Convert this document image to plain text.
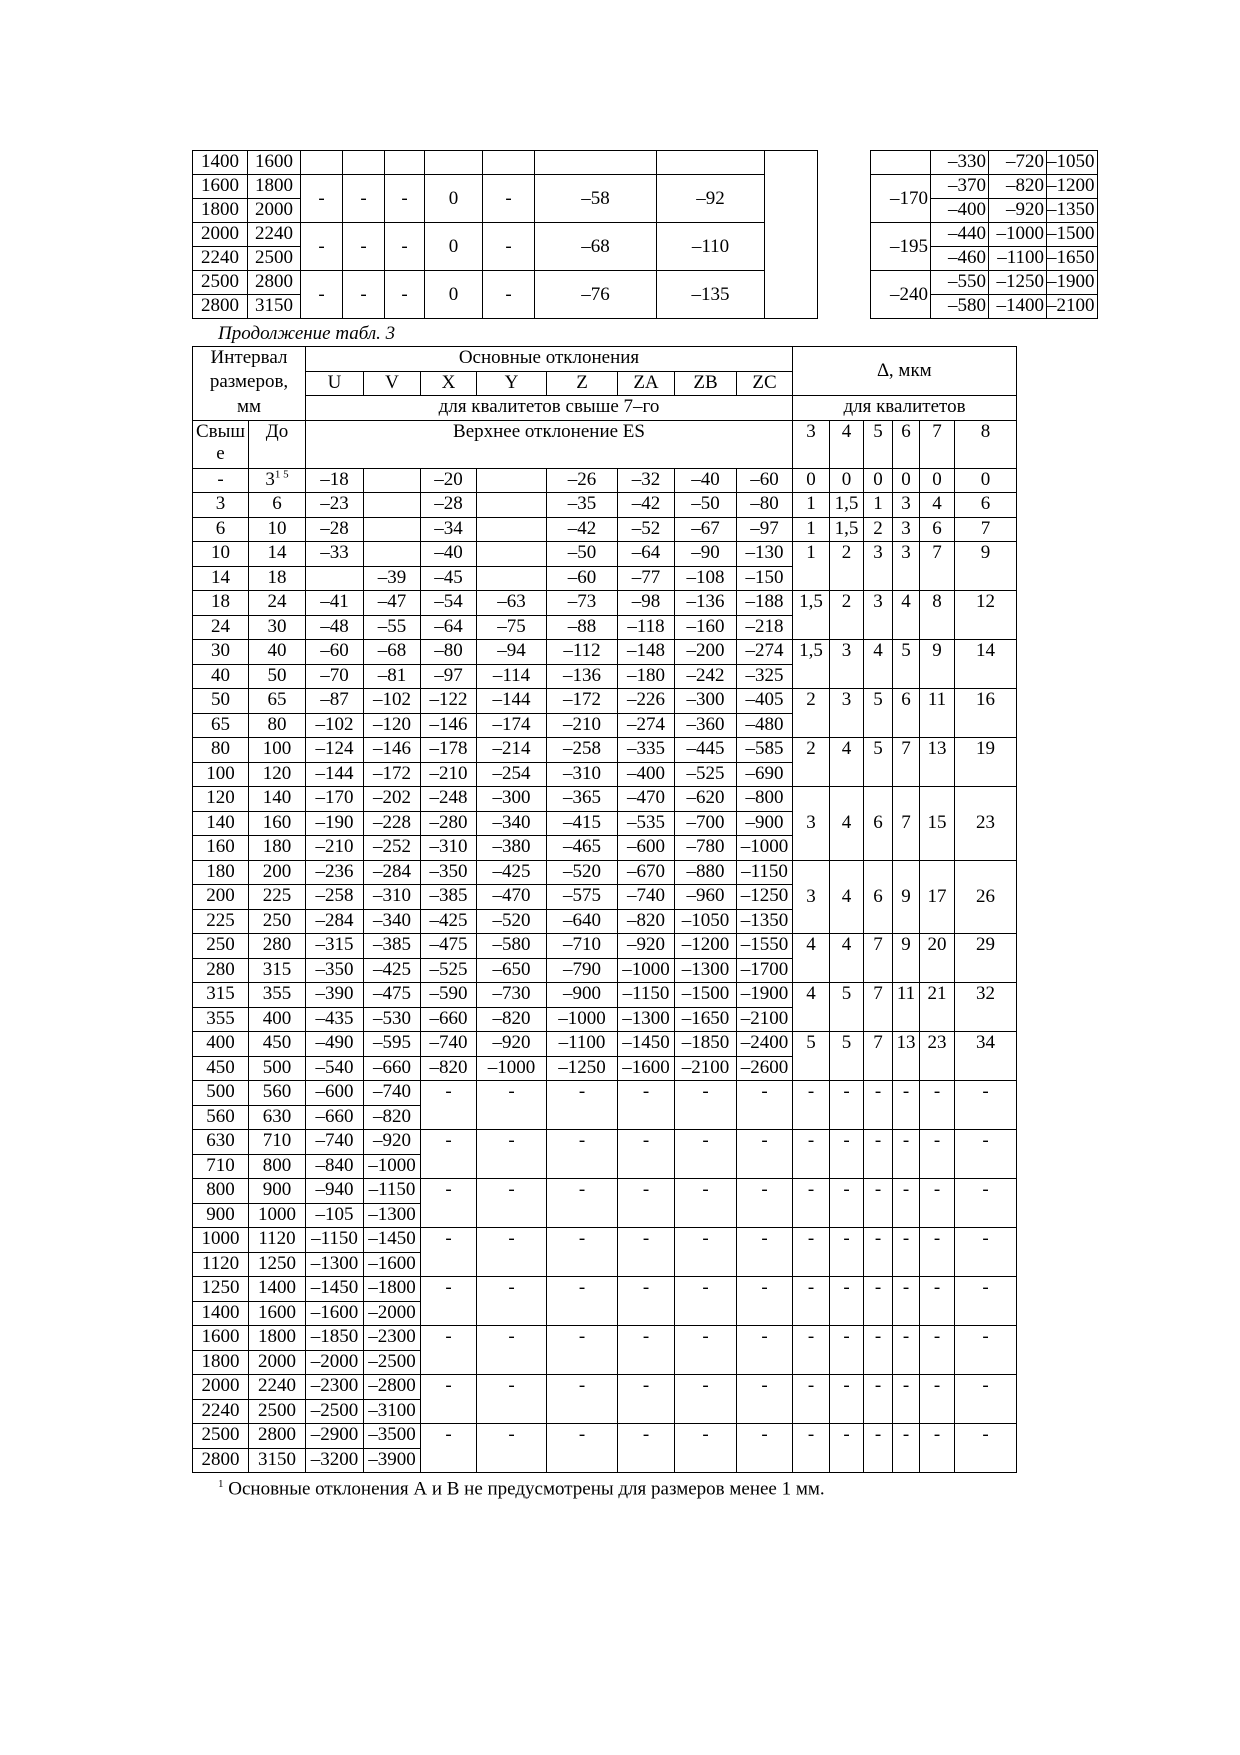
1400	1600											–330	–720	–1050
1600	1800	-	-	-	0	-	–58	–92			–170	–370	–820	–1200
1800	2000											–400	–920	–1350
2000	2240	-	-	-	0	-	–68	–110			–195	–440	–1000	–1500
2240	2500											–460	–1100	–1650
2500	2800	-	-	-	0	-	–76	–135			–240	–550	–1250	–1900
2800	3150											–580	–1400	–2100
Продолжение табл. 3
Интервал		Основные отклонения								∆, мкм					
размеров,		U	V	X	Y	Z	ZA	ZB	ZC						
мм		для квалитетов свыше 7–го								для квалитетов					
Свыше	До	Верхнее отклонение ES								3	4	5	6	7	8
-	$3^{1 5}$	–18		–20		–26	–32	–40	–60	0	0	0	0	0	0
3	6	–23		–28		–35	–42	–50	–80	1	1,5	1	3	4	6
6	10	–28		–34		–42	–52	–67	–97	1	1,5	2	3	6	7
10	14	–33		–40		–50	–64	–90	–130	1	2	3	3	7	9
14	18		–39	–45		–60	–77	–108	–150						
18	24	–41	–47	–54	–63	–73	–98	–136	–188	1,5	2	3	4	8	12
24	30	–48	–55	–64	–75	–88	–118	–160	–218						
30	40	–60	–68	–80	–94	–112	–148	–200	–274	1,5	3	4	5	9	14
40	50	–70	–81	–97	–114	–136	–180	–242	–325						
50	65	–87	–102	–122	–144	–172	–226	–300	–405	2	3	5	6	11	16
65	80	–102	–120	–146	–174	–210	–274	–360	–480						
80	100	–124	–146	–178	–214	–258	–335	–445	–585	2	4	5	7	13	19
100	120	–144	–172	–210	–254	–310	–400	–525	–690						
120	140	–170	–202	–248	–300	–365	–470	–620	–800	3	4	6	7	15	23
140	160	–190	–228	–280	–340	–415	–535	–700	–900						
160	180	–210	–252	–310	–380	–465	–600	–780	–1000						
180	200	–236	–284	–350	–425	–520	–670	–880	–1150	3	4	6	9	17	26
200	225	–258	–310	–385	–470	–575	–740	–960	–1250						
225	250	–284	–340	–425	–520	–640	–820	–1050	–1350						
250	280	–315	–385	–475	–580	–710	–920	–1200	–1550	4	4	7	9	20	29
280	315	–350	–425	–525	–650	–790	–1000	–1300	–1700						
315	355	–390	–475	–590	–730	–900	–1150	–1500	–1900	4	5	7	11	21	32
355	400	–435	–530	–660	–820	–1000	–1300	–1650	–2100						
400	450	–490	–595	–740	–920	–1100	–1450	–1850	–2400	5	5	7	13	23	34
450	500	–540	–660	–820	–1000	–1250	–1600	–2100	–2600						
500	560	–600	–740	-	-	-	-	-	-	-	-	-	-	-	-
560	630	–660	–820												
630	710	–740	–920	-	-	-	-	-	-	-	-	-	-	-	-
710	800	–840	–1000												
800	900	–940	–1150	-	-	-	-	-	-	-	-	-	-	-	-
900	1000	–105	–1300												
1000	1120	–1150	–1450	-	-	-	-	-	-	-	-	-	-	-	-
1120	1250	–1300	–1600												
1250	1400	–1450	–1800	-	-	-	-	-	-	-	-	-	-	-	-
1400	1600	–1600	–2000												
1600	1800	–1850	–2300	-	-	-	-	-	-	-	-	-	-	-	-
1800	2000	–2000	–2500												
2000	2240	–2300	–2800	-	-	-	-	-	-	-	-	-	-	-	-
2240	2500	–2500	–3100												
2500	2800	–2900	–3500	-	-	-	-	-	-	-	-	-	-	-	-
2800	3150	–3200	–3900												
$^1$ Основные отклонения А и В не предусмотрены для размеров менее 1 мм.
